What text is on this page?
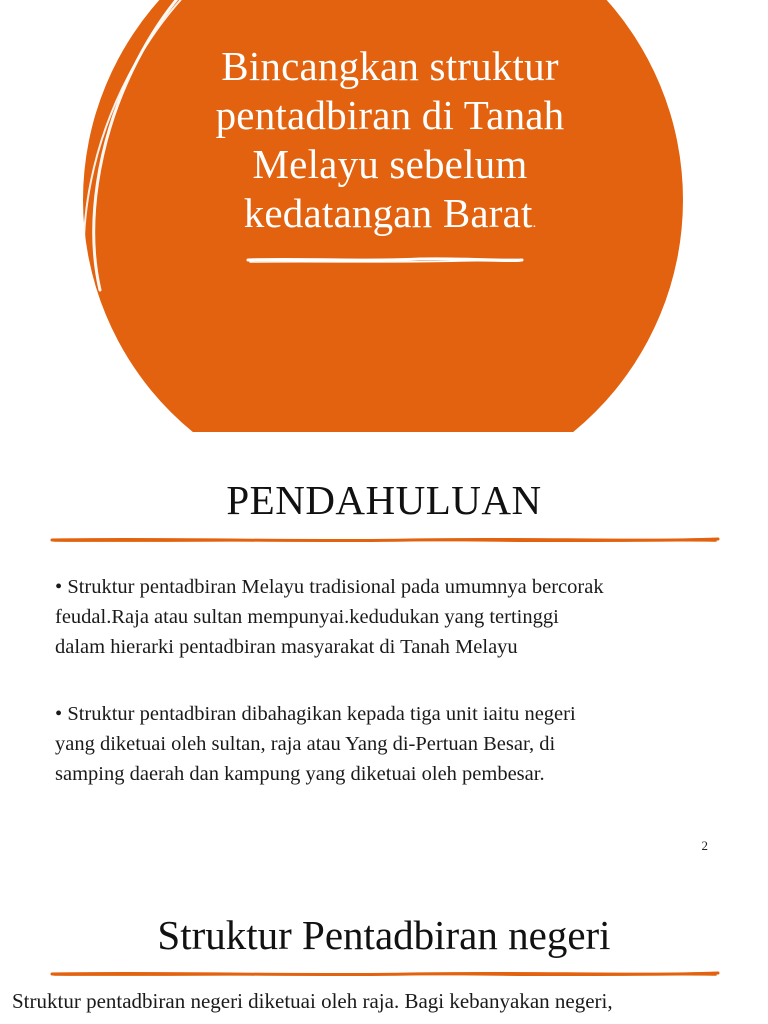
Bincangkan struktur
pentadbiran di Tanah
Melayu sebelum
kedatangan Barat.
PENDAHULUAN

• Struktur pentadbiran Melayu tradisional pada umumnya bercorak
feudal.Raja atau sultan mempunyai.kedudukan yang tertinggi
dalam hierarki pentadbiran masyarakat di Tanah Melayu

• Struktur pentadbiran dibahagikan kepada tiga unit iaitu negeri
yang diketuai oleh sultan, raja atau Yang di-Pertuan Besar, di
samping daerah dan kampung yang diketuai oleh pembesar.

2
Struktur Pentadbiran negeri
Struktur pentadbiran negeri diketuai oleh raja. Bagi kebanyakan negeri,
